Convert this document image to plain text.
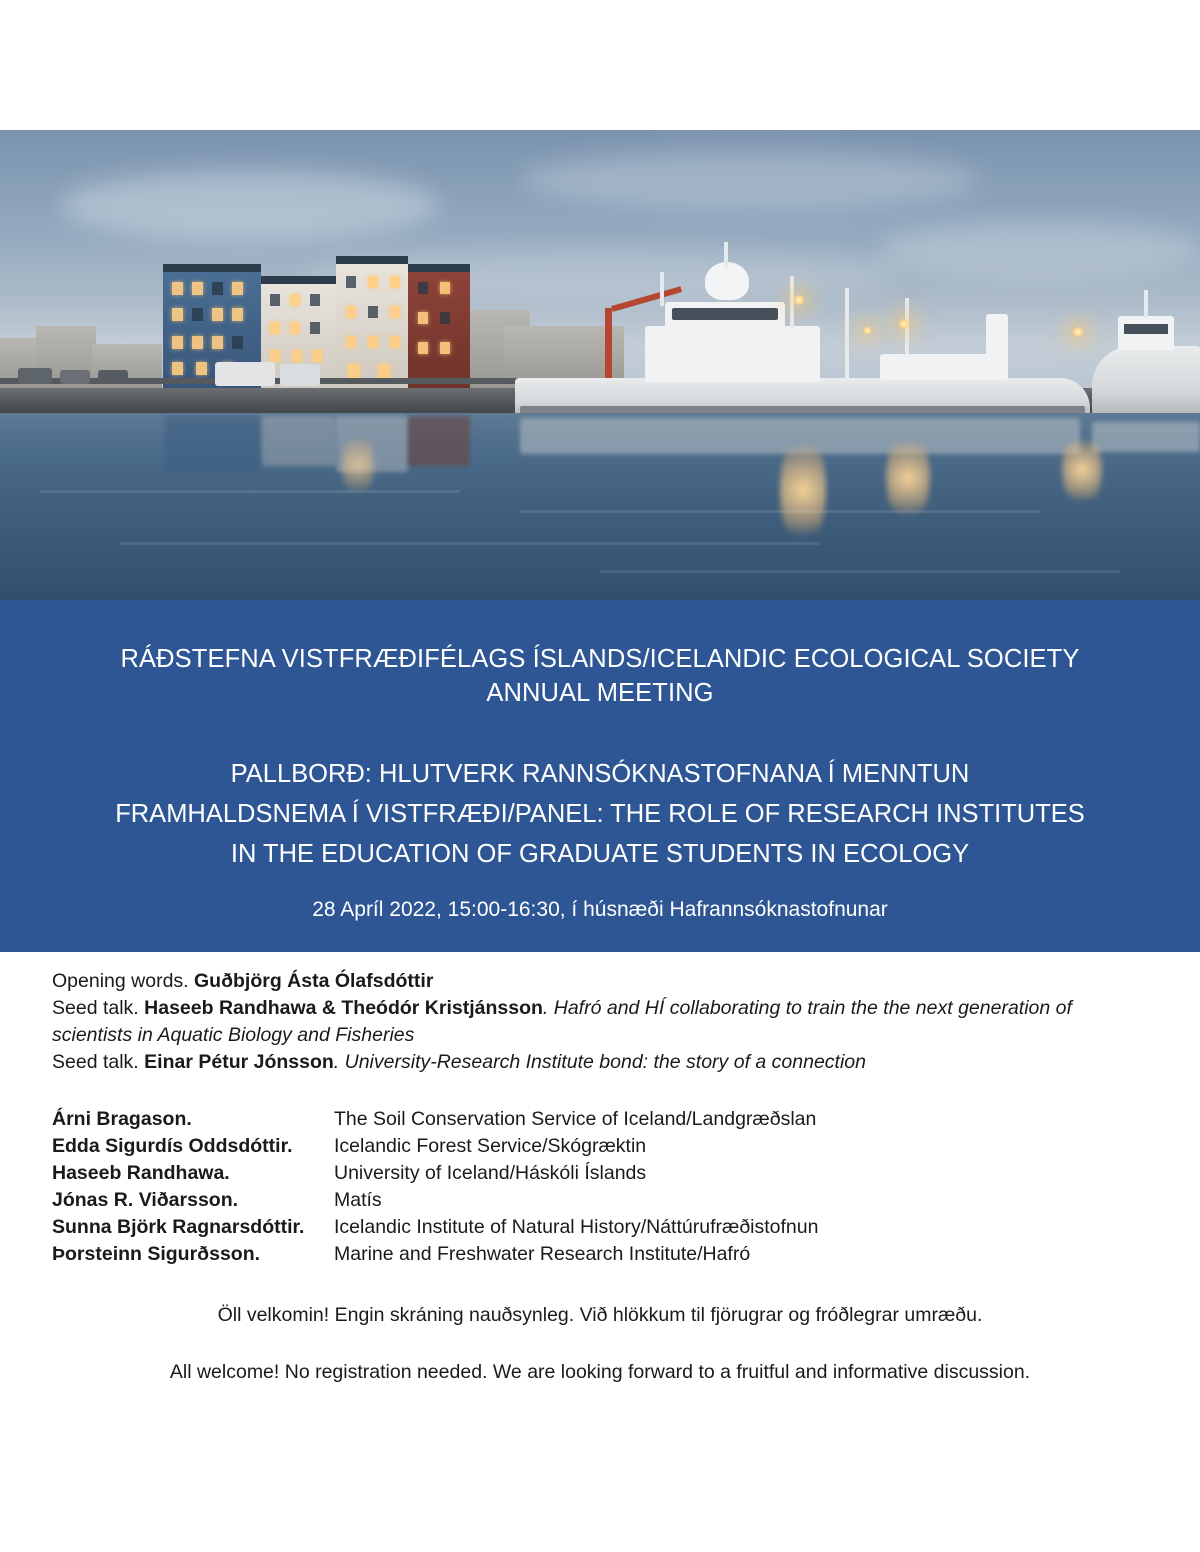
RÁÐSTEFNA VISTFRÆÐIFÉLAGS ÍSLANDS/ICELANDIC ECOLOGICAL SOCIETY
ANNUAL MEETING
PALLBORÐ: HLUTVERK RANNSÓKNASTOFNANA Í MENNTUN
FRAMHALDSNEMA Í VISTFRÆÐI/PANEL: THE ROLE OF RESEARCH INSTITUTES
IN THE EDUCATION OF GRADUATE STUDENTS IN ECOLOGY
28 Apríl 2022, 15:00-16:30, í húsnæði Hafrannsóknastofnunar
Opening words. Guðbjörg Ásta Ólafsdóttir
Seed talk. Haseeb Randhawa & Theódór Kristjánsson. Hafró and HÍ collaborating to train the the next generation of scientists in Aquatic Biology and Fisheries
Seed talk. Einar Pétur Jónsson. University-Research Institute bond: the story of a connection
Árni Bragason.	The Soil Conservation Service of Iceland/Landgræðslan
Edda Sigurdís Oddsdóttir.	Icelandic Forest Service/Skógræktin
Haseeb Randhawa.	University of Iceland/Háskóli Íslands
Jónas R. Viðarsson.	Matís
Sunna Björk Ragnarsdóttir.	Icelandic Institute of Natural History/Náttúrufræðistofnun
Þorsteinn Sigurðsson.	Marine and Freshwater Research Institute/Hafró
Öll velkomin! Engin skráning nauðsynleg. Við hlökkum til fjörugrar og fróðlegrar umræðu.
All welcome! No registration needed. We are looking forward to a fruitful and informative discussion.
